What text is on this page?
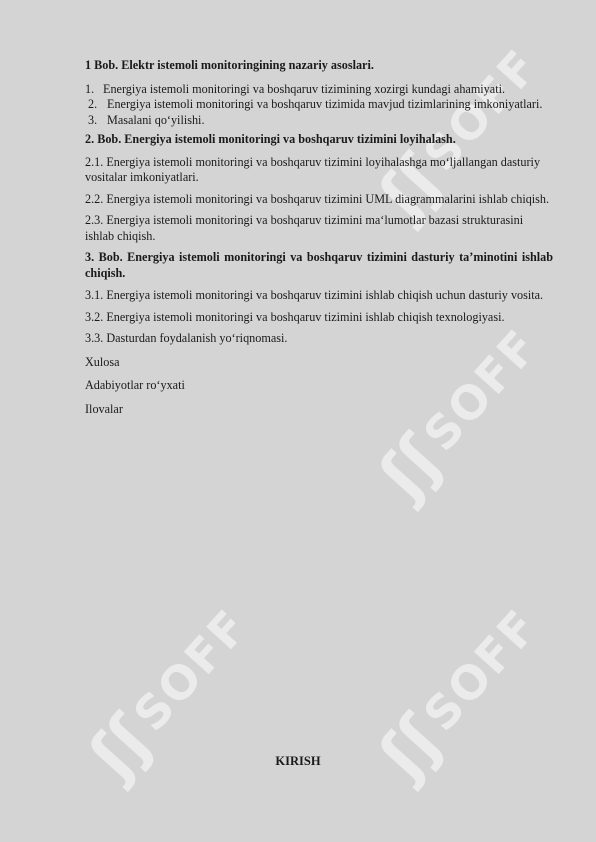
ʃʃ
SOFF
ʃʃ
SOFF
ʃʃ
SOFF
ʃʃ
SOFF

1 Bob. Elektr istemoli monitoringining nazariy asoslari.

1. Energiya istemoli monitoringi va boshqaruv tizimining xozirgi kundagi ahamiyati.
2. Energiya istemoli monitoringi va boshqaruv tizimida mavjud tizimlarining imkoniyatlari.
3. Masalani qo‘yilishi.

2. Bob. Energiya istemoli monitoringi va boshqaruv tizimini loyihalash.

2.1. Energiya istemoli monitoringi va boshqaruv tizimini loyihalashga mo‘ljallangan dasturiy vositalar imkoniyatlari.

2.2. Energiya istemoli monitoringi va boshqaruv tizimini UML diagrammalarini ishlab chiqish.

2.3. Energiya istemoli monitoringi va boshqaruv tizimini ma‘lumotlar bazasi strukturasini ishlab chiqish.

3. Bob. Energiya istemoli monitoringi va boshqaruv tizimini dasturiy ta’minotini ishlab chiqish.

3.1. Energiya istemoli monitoringi va boshqaruv tizimini ishlab chiqish uchun dasturiy vosita.

3.2. Energiya istemoli monitoringi va boshqaruv tizimini ishlab chiqish texnologiyasi.

3.3. Dasturdan foydalanish yo‘riqnomasi.

Xulosa

Adabiyotlar ro‘yxati

Ilovalar

KIRISH
